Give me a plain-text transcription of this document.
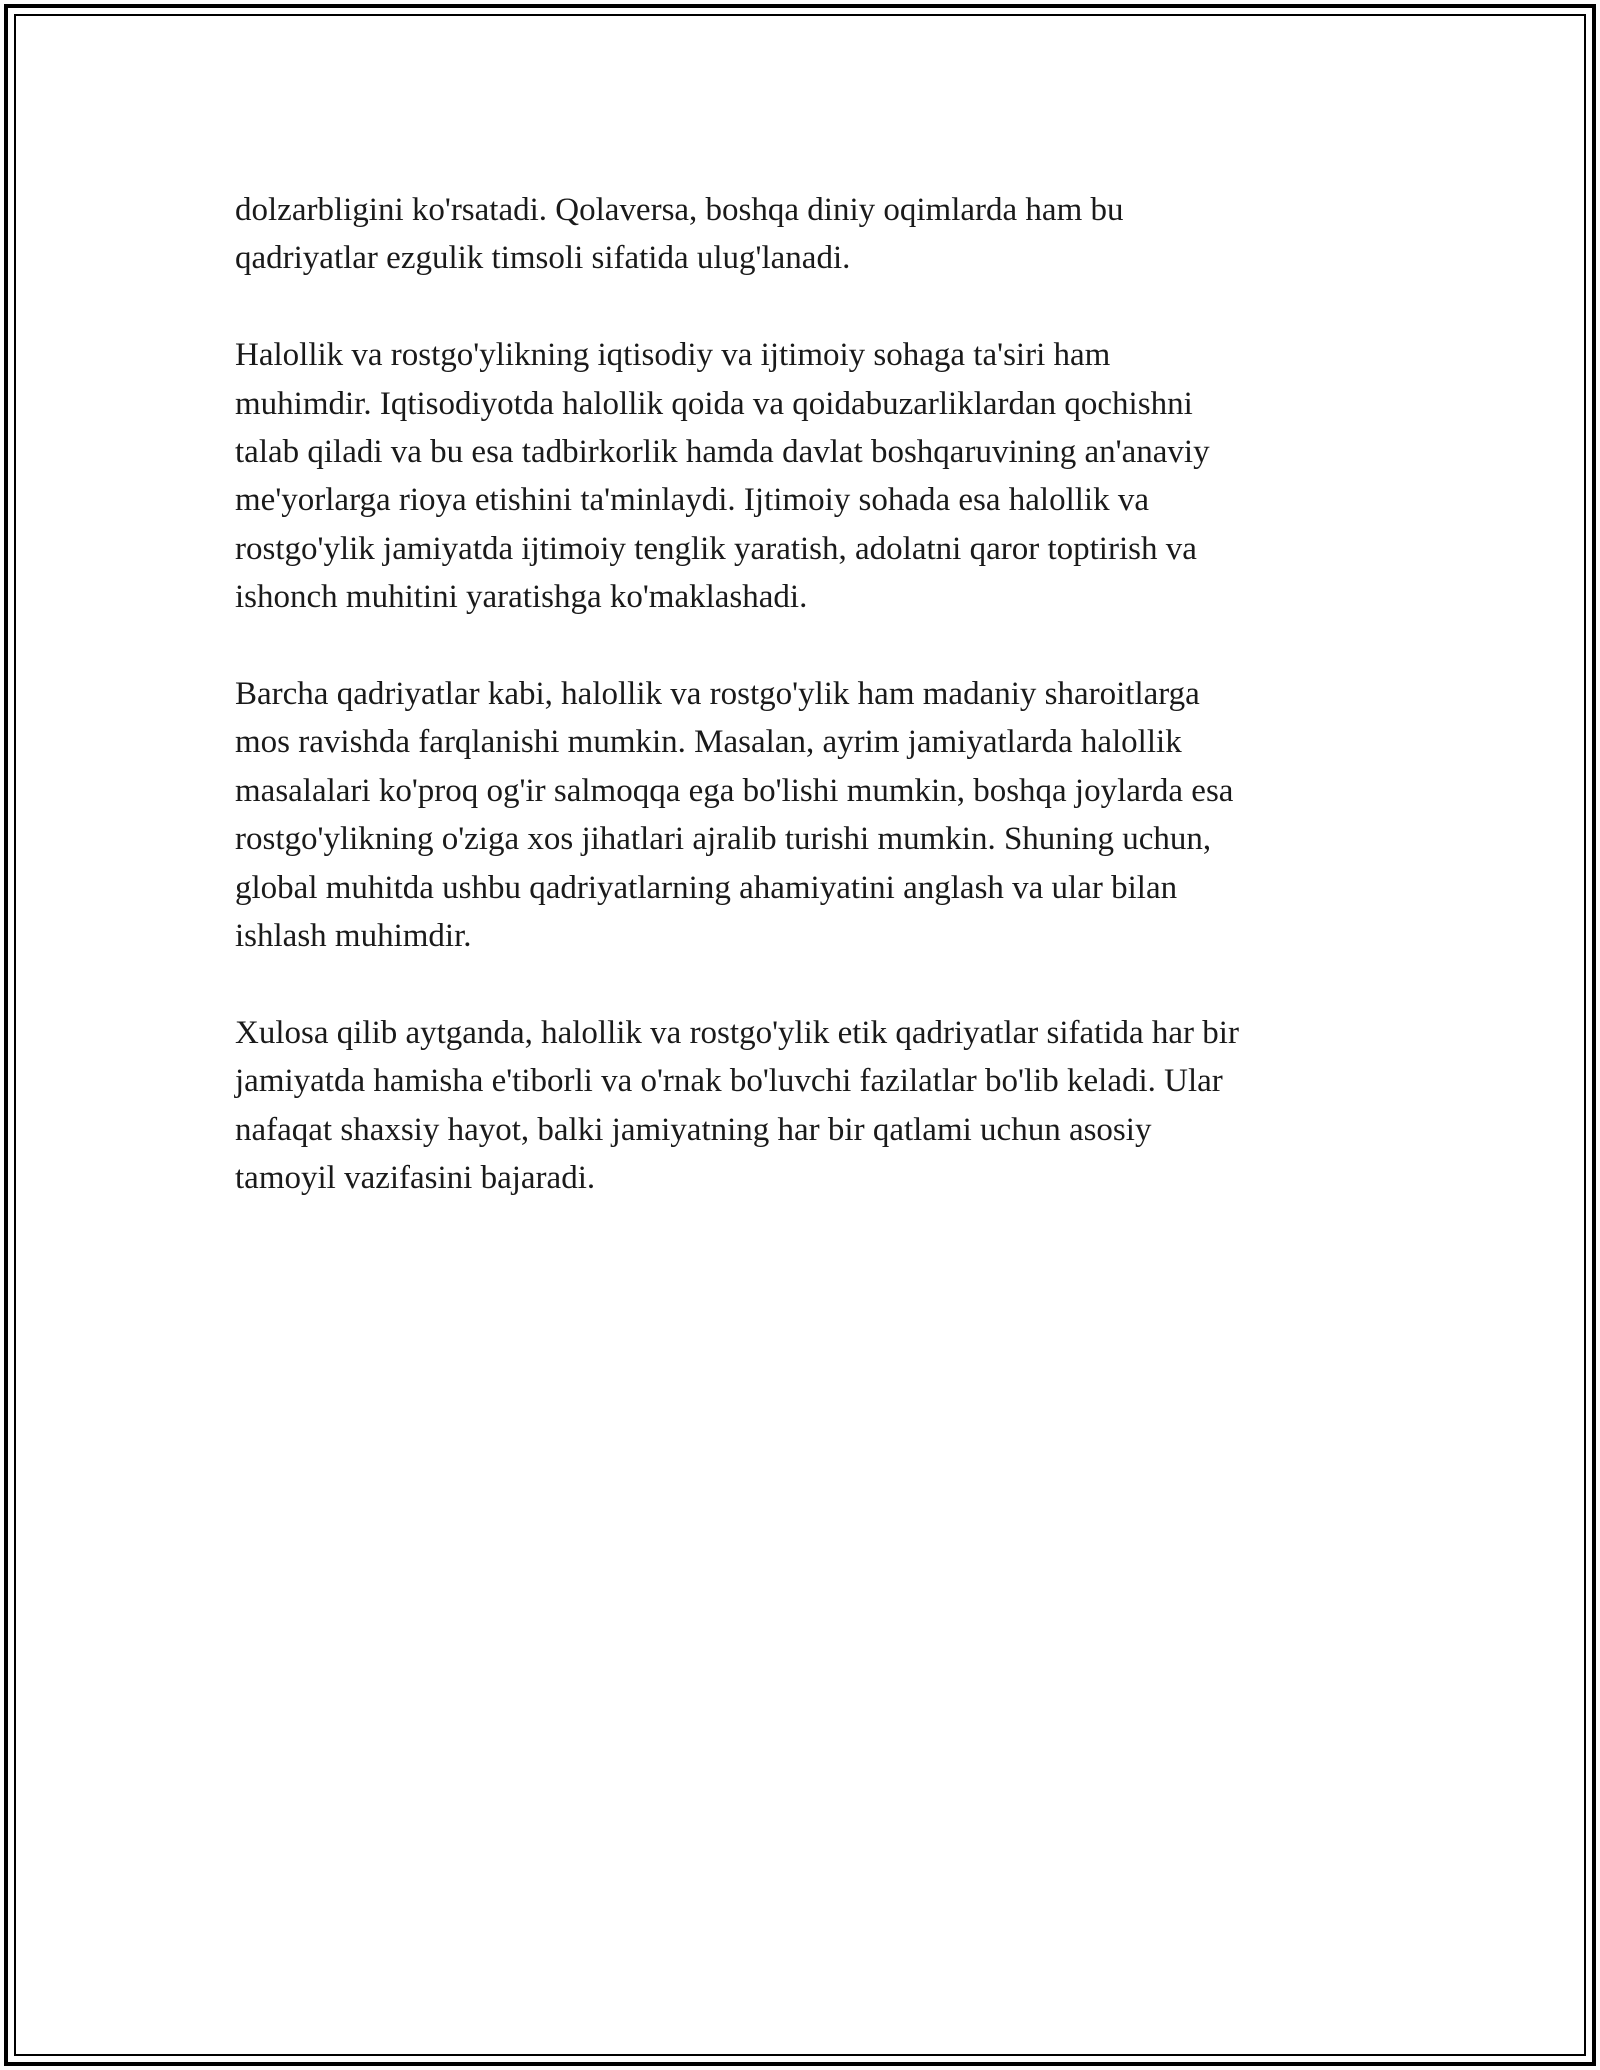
dolzarbligini ko'rsatadi. Qolaversa, boshqa diniy oqimlarda ham bu
qadriyatlar ezgulik timsoli sifatida ulug'lanadi.

Halollik va rostgo'ylikning iqtisodiy va ijtimoiy sohaga ta'siri ham
muhimdir. Iqtisodiyotda halollik qoida va qoidabuzarliklardan qochishni
talab qiladi va bu esa tadbirkorlik hamda davlat boshqaruvining an'anaviy
me'yorlarga rioya etishini ta'minlaydi. Ijtimoiy sohada esa halollik va
rostgo'ylik jamiyatda ijtimoiy tenglik yaratish, adolatni qaror toptirish va
ishonch muhitini yaratishga ko'maklashadi.

Barcha qadriyatlar kabi, halollik va rostgo'ylik ham madaniy sharoitlarga
mos ravishda farqlanishi mumkin. Masalan, ayrim jamiyatlarda halollik
masalalari ko'proq og'ir salmoqqa ega bo'lishi mumkin, boshqa joylarda esa
rostgo'ylikning o'ziga xos jihatlari ajralib turishi mumkin. Shuning uchun,
global muhitda ushbu qadriyatlarning ahamiyatini anglash va ular bilan
ishlash muhimdir.

Xulosa qilib aytganda, halollik va rostgo'ylik etik qadriyatlar sifatida har bir
jamiyatda hamisha e'tiborli va o'rnak bo'luvchi fazilatlar bo'lib keladi. Ular
nafaqat shaxsiy hayot, balki jamiyatning har bir qatlami uchun asosiy
tamoyil vazifasini bajaradi.
